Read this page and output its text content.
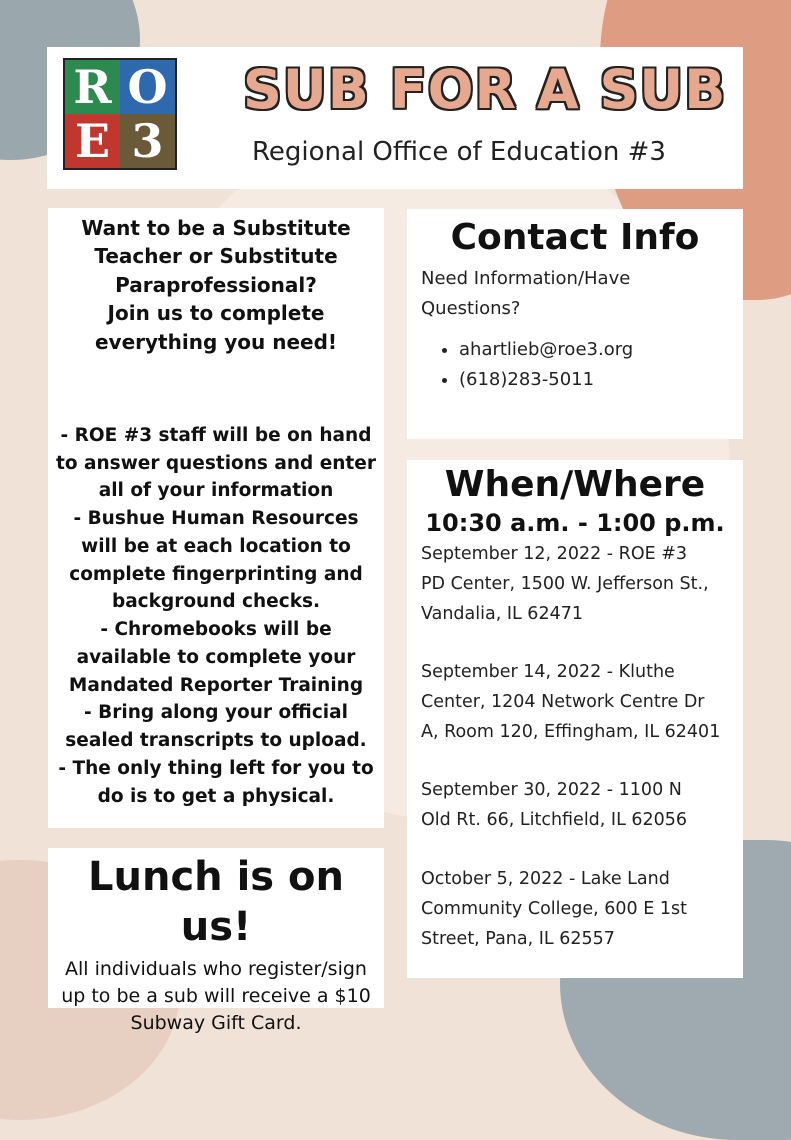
R O
E 3
SUB FOR A SUB
Regional Office of Education #3
Want to be a Substitute
Teacher or Substitute
Paraprofessional?
Join us to complete
everything you need!

- ROE #3 staff will be on hand

to answer questions and enter

all of your information

- Bushue Human Resources

will be at each location to

complete fingerprinting and

background checks.

- Chromebooks will be

available to complete your

Mandated Reporter Training

- Bring along your official

sealed transcripts to upload.

- The only thing left for you to

do is to get a physical.

Lunch is on us!

All individuals who register/sign
up to be a sub will receive a $10
Subway Gift Card.

Contact Info

Need Information/Have
Questions?
• ahartlieb@roe3.org
• (618)283-5011

When/Where

10:30 a.m. - 1:00 p.m.

September 12, 2022 - ROE #3
PD Center, 1500 W. Jefferson St.,
Vandalia, IL 62471
September 14, 2022 - Kluthe
Center, 1204 Network Centre Dr
A, Room 120, Effingham, IL 62401
September 30, 2022 - 1100 N
Old Rt. 66, Litchfield, IL 62056
October 5, 2022 - Lake Land
Community College, 600 E 1st
Street, Pana, IL 62557
